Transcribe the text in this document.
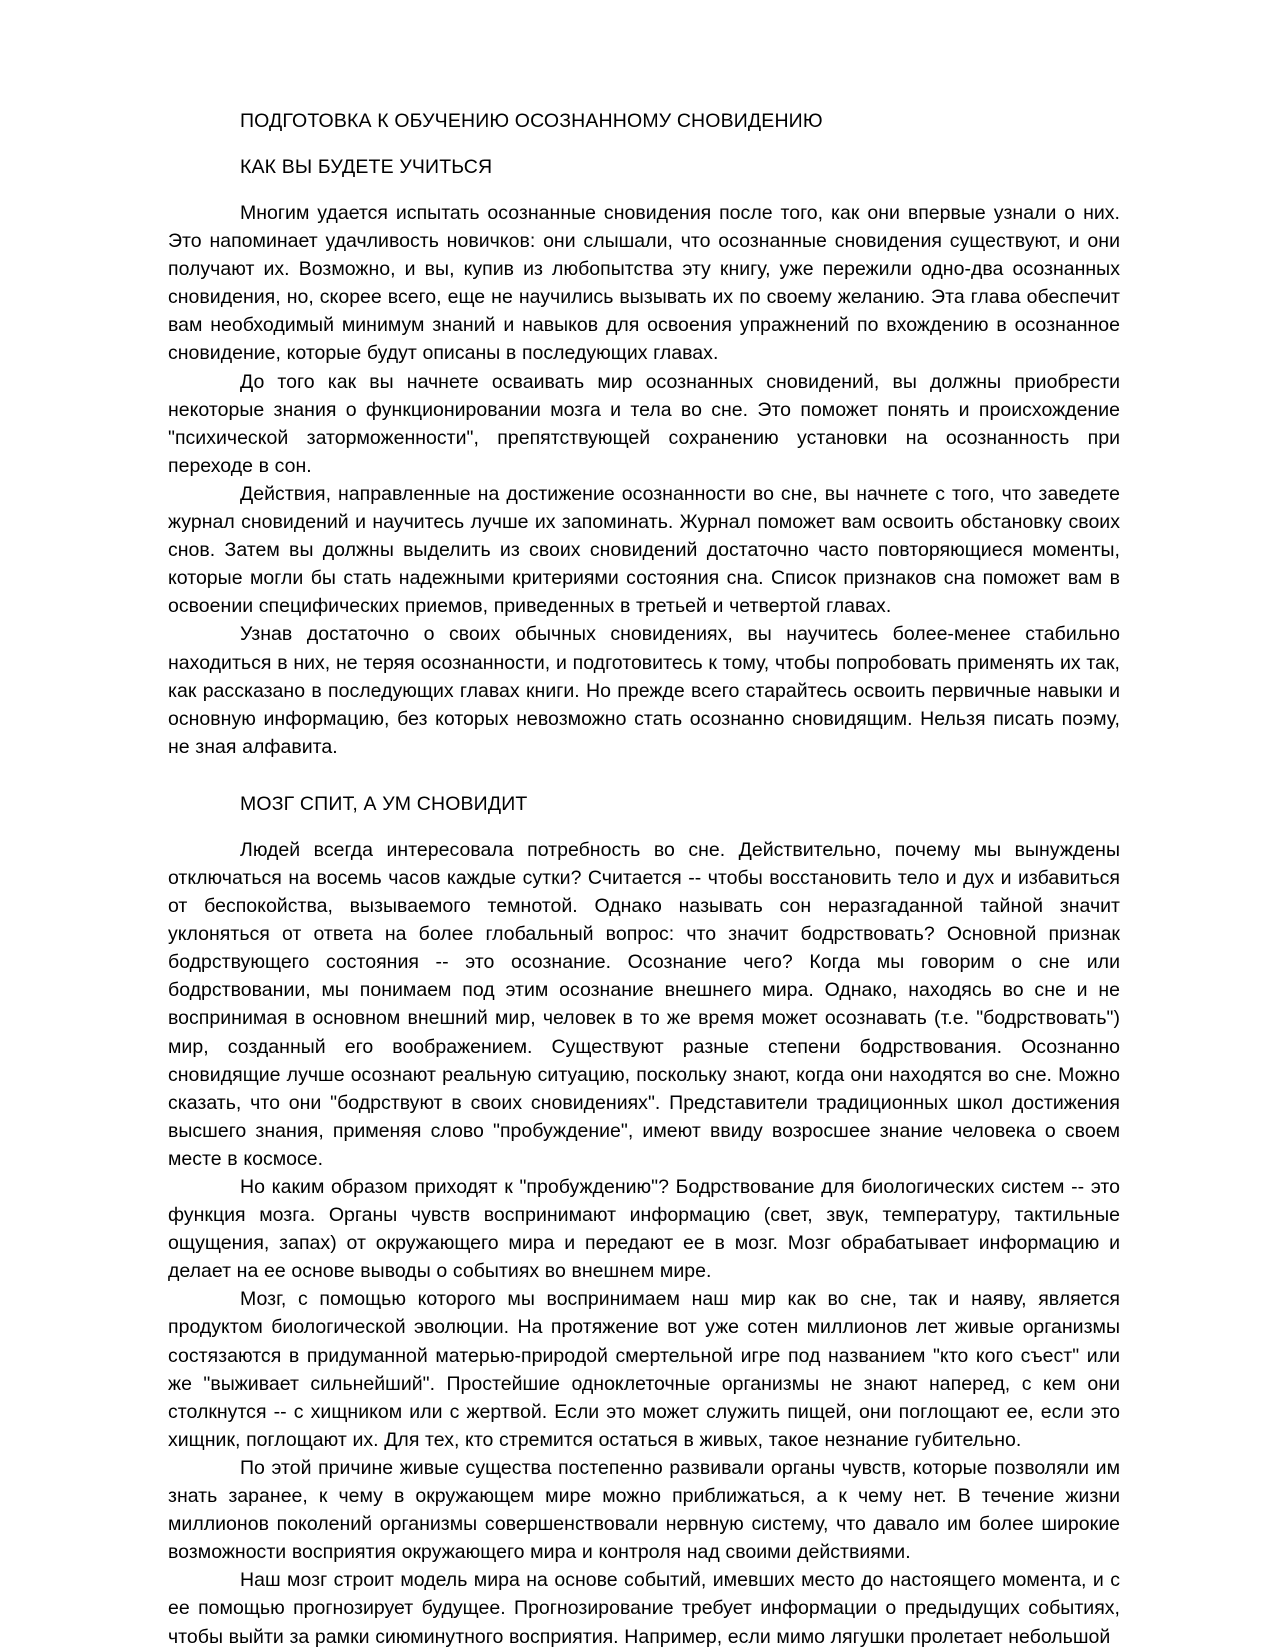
ПОДГОТОВКА К ОБУЧЕНИЮ ОСОЗНАННОМУ СНОВИДЕНИЮ
КАК ВЫ БУДЕТЕ УЧИТЬСЯ

Многим удается испытать осознанные сновидения после того, как они впервые узнали о них. Это напоминает удачливость новичков: они слышали, что осознанные сновидения существуют, и они получают их. Возможно, и вы, купив из любопытства эту книгу, уже пережили одно-два осознанных сновидения, но, скорее всего, еще не научились вызывать их по своему желанию. Эта глава обеспечит вам необходимый минимум знаний и навыков для освоения упражнений по вхождению в осознанное сновидение, которые будут описаны в последующих главах.

До того как вы начнете осваивать мир осознанных сновидений, вы должны приобрести некоторые знания о функционировании мозга и тела во сне. Это поможет понять и происхождение "психической заторможенности", препятствующей сохранению установки на осознанность при переходе в сон.

Действия, направленные на достижение осознанности во сне, вы начнете с того, что заведете журнал сновидений и научитесь лучше их запоминать. Журнал поможет вам освоить обстановку своих снов. Затем вы должны выделить из своих сновидений достаточно часто повторяющиеся моменты, которые могли бы стать надежными критериями состояния сна. Список признаков сна поможет вам в освоении специфических приемов, приведенных в третьей и четвертой главах.

Узнав достаточно о своих обычных сновидениях, вы научитесь более-менее стабильно находиться в них, не теряя осознанности, и подготовитесь к тому, чтобы попробовать применять их так, как рассказано в последующих главах книги. Но прежде всего старайтесь освоить первичные навыки и основную информацию, без которых невозможно стать осознанно сновидящим. Нельзя писать поэму, не зная алфавита.

МОЗГ СПИТ, А УМ СНОВИДИТ

Людей всегда интересовала потребность во сне. Действительно, почему мы вынуждены отключаться на восемь часов каждые сутки? Считается -- чтобы восстановить тело и дух и избавиться от беспокойства, вызываемого темнотой. Однако называть сон неразгаданной тайной значит уклоняться от ответа на более глобальный вопрос: что значит бодрствовать? Основной признак бодрствующего состояния -- это осознание. Осознание чего? Когда мы говорим о сне или бодрствовании, мы понимаем под этим осознание внешнего мира. Однако, находясь во сне и не воспринимая в основном внешний мир, человек в то же время может осознавать (т.е. "бодрствовать") мир, созданный его воображением. Существуют разные степени бодрствования. Осознанно сновидящие лучше осознают реальную ситуацию, поскольку знают, когда они находятся во сне. Можно сказать, что они "бодрствуют в своих сновидениях". Представители традиционных школ достижения высшего знания, применяя слово "пробуждение", имеют ввиду возросшее знание человека о своем месте в космосе.

Но каким образом приходят к "пробуждению"? Бодрствование для биологических систем -- это функция мозга. Органы чувств воспринимают информацию (свет, звук, температуру, тактильные ощущения, запах) от окружающего мира и передают ее в мозг. Мозг обрабатывает информацию и делает на ее основе выводы о событиях во внешнем мире.

Мозг, с помощью которого мы воспринимаем наш мир как во сне, так и наяву, является продуктом биологической эволюции. На протяжение вот уже сотен миллионов лет живые организмы состязаются в придуманной матерью-природой смертельной игре под названием "кто кого съест" или же "выживает сильнейший". Простейшие одноклеточные организмы не знают наперед, с кем они столкнутся -- с хищником или с жертвой. Если это может служить пищей, они поглощают ее, если это хищник, поглощают их. Для тех, кто стремится остаться в живых, такое незнание губительно.

По этой причине живые существа постепенно развивали органы чувств, которые позволяли им знать заранее, к чему в окружающем мире можно приближаться, а к чему нет. В течение жизни миллионов поколений организмы совершенствовали нервную систему, что давало им более широкие возможности восприятия окружающего мира и контроля над своими действиями.

Наш мозг строит модель мира на основе событий, имевших место до настоящего момента, и с ее помощью прогнозирует будущее. Прогнозирование требует информации о предыдущих событиях, чтобы выйти за рамки сиюминутного восприятия. Например, если мимо лягушки пролетает небольшой
